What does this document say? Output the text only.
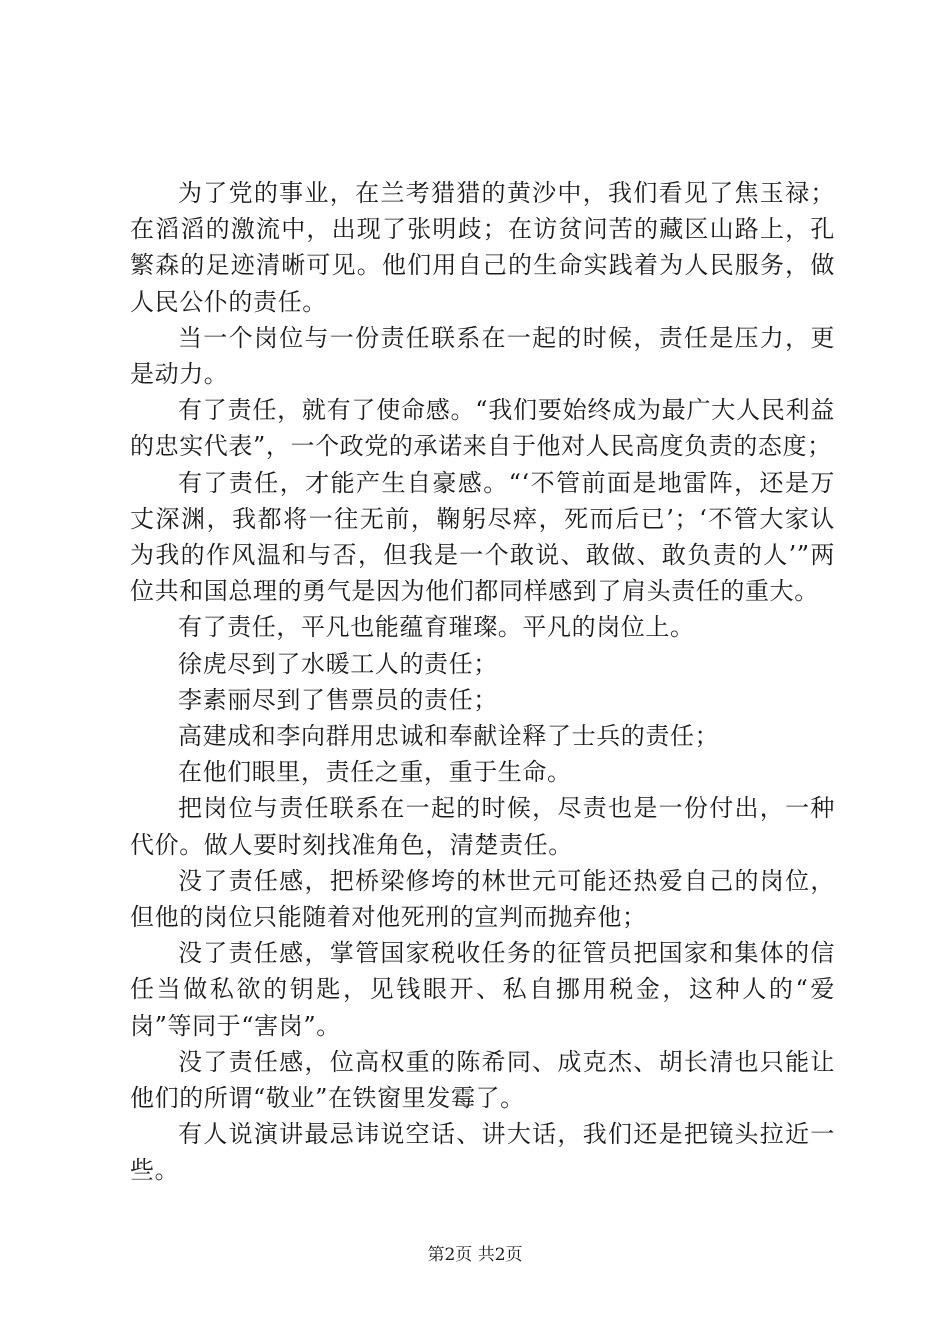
为了党的事业，在兰考猎猎的黄沙中，我们看见了焦玉禄；在滔滔的激流中，出现了张明歧；在访贫问苦的藏区山路上，孔繁森的足迹清晰可见。他们用自己的生命实践着为人民服务，做人民公仆的责任。

当一个岗位与一份责任联系在一起的时候，责任是压力，更是动力。

有了责任，就有了使命感。“我们要始终成为最广大人民利益的忠实代表”，一个政党的承诺来自于他对人民高度负责的态度；

有了责任，才能产生自豪感。“‘不管前面是地雷阵，还是万丈深渊，我都将一往无前，鞠躬尽瘁，死而后已’；‘不管大家认为我的作风温和与否，但我是一个敢说、敢做、敢负责的人’”两位共和国总理的勇气是因为他们都同样感到了肩头责任的重大。

有了责任，平凡也能蕴育璀璨。平凡的岗位上。

徐虎尽到了水暖工人的责任；

李素丽尽到了售票员的责任；

高建成和李向群用忠诚和奉献诠释了士兵的责任；

在他们眼里，责任之重，重于生命。

把岗位与责任联系在一起的时候，尽责也是一份付出，一种代价。做人要时刻找准角色，清楚责任。

没了责任感，把桥梁修垮的林世元可能还热爱自己的岗位，但他的岗位只能随着对他死刑的宣判而抛弃他；

没了责任感，掌管国家税收任务的征管员把国家和集体的信任当做私欲的钥匙，见钱眼开、私自挪用税金，这种人的“爱岗”等同于“害岗”。

没了责任感，位高权重的陈希同、成克杰、胡长清也只能让他们的所谓“敬业”在铁窗里发霉了。

有人说演讲最忌讳说空话、讲大话，我们还是把镜头拉近一些。

第2页 共2页
